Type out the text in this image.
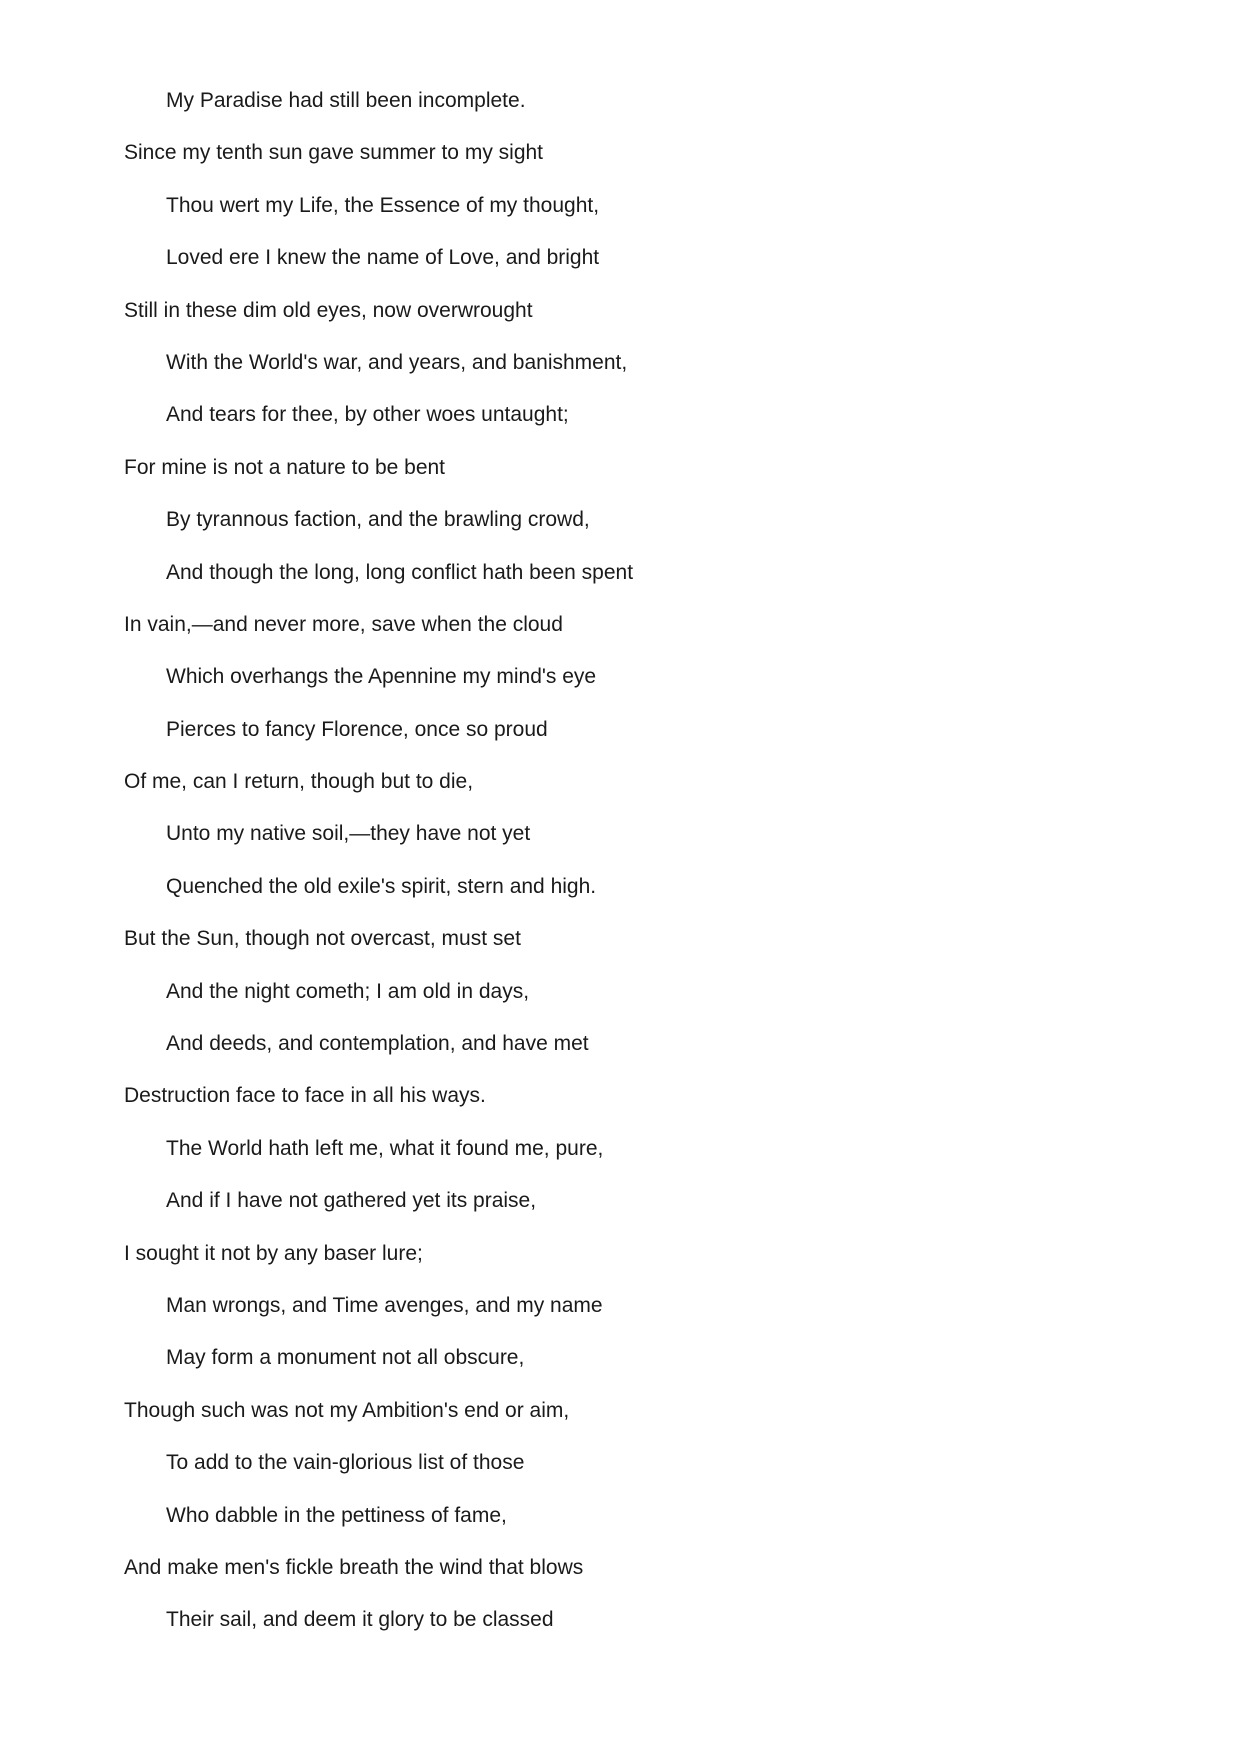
My Paradise had still been incomplete.
Since my tenth sun gave summer to my sight
Thou wert my Life, the Essence of my thought,
Loved ere I knew the name of Love, and bright
Still in these dim old eyes, now overwrought
With the World's war, and years, and banishment,
And tears for thee, by other woes untaught;
For mine is not a nature to be bent
By tyrannous faction, and the brawling crowd,
And though the long, long conflict hath been spent
In vain,—and never more, save when the cloud
Which overhangs the Apennine my mind's eye
Pierces to fancy Florence, once so proud
Of me, can I return, though but to die,
Unto my native soil,—they have not yet
Quenched the old exile's spirit, stern and high.
But the Sun, though not overcast, must set
And the night cometh; I am old in days,
And deeds, and contemplation, and have met
Destruction face to face in all his ways.
The World hath left me, what it found me, pure,
And if I have not gathered yet its praise,
I sought it not by any baser lure;
Man wrongs, and Time avenges, and my name
May form a monument not all obscure,
Though such was not my Ambition's end or aim,
To add to the vain-glorious list of those
Who dabble in the pettiness of fame,
And make men's fickle breath the wind that blows
Their sail, and deem it glory to be classed
